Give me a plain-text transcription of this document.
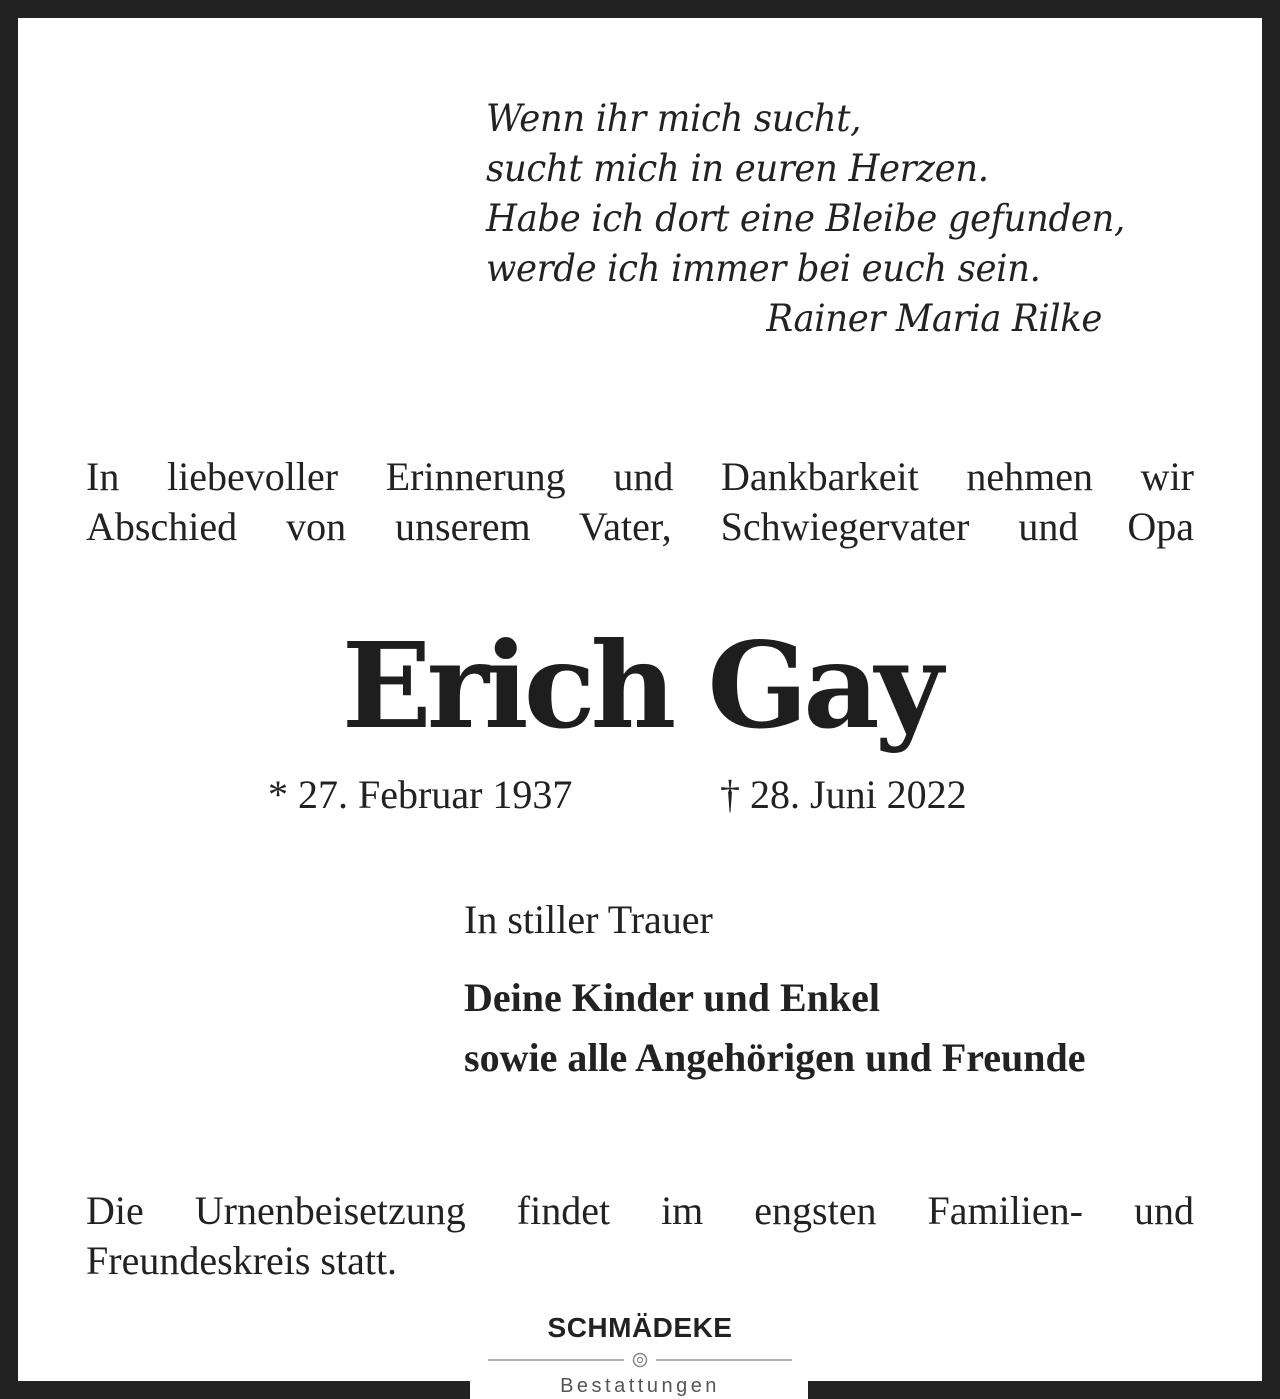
Wenn ihr mich sucht,
sucht mich in euren Herzen.
Habe ich dort eine Bleibe gefunden,
werde ich immer bei euch sein.
Rainer Maria Rilke
In liebevoller Erinnerung und Dankbarkeit nehmen wir
Abschied von unserem Vater, Schwiegervater und Opa
Erich Gay
* 27. Februar 1937	† 28. Juni 2022
In stiller Trauer
Deine Kinder und Enkel
sowie alle Angehörigen und Freunde
Die Urnenbeisetzung findet im engsten Familien- und
Freundeskreis statt.
SCHMÄDEKE
Bestattungen
